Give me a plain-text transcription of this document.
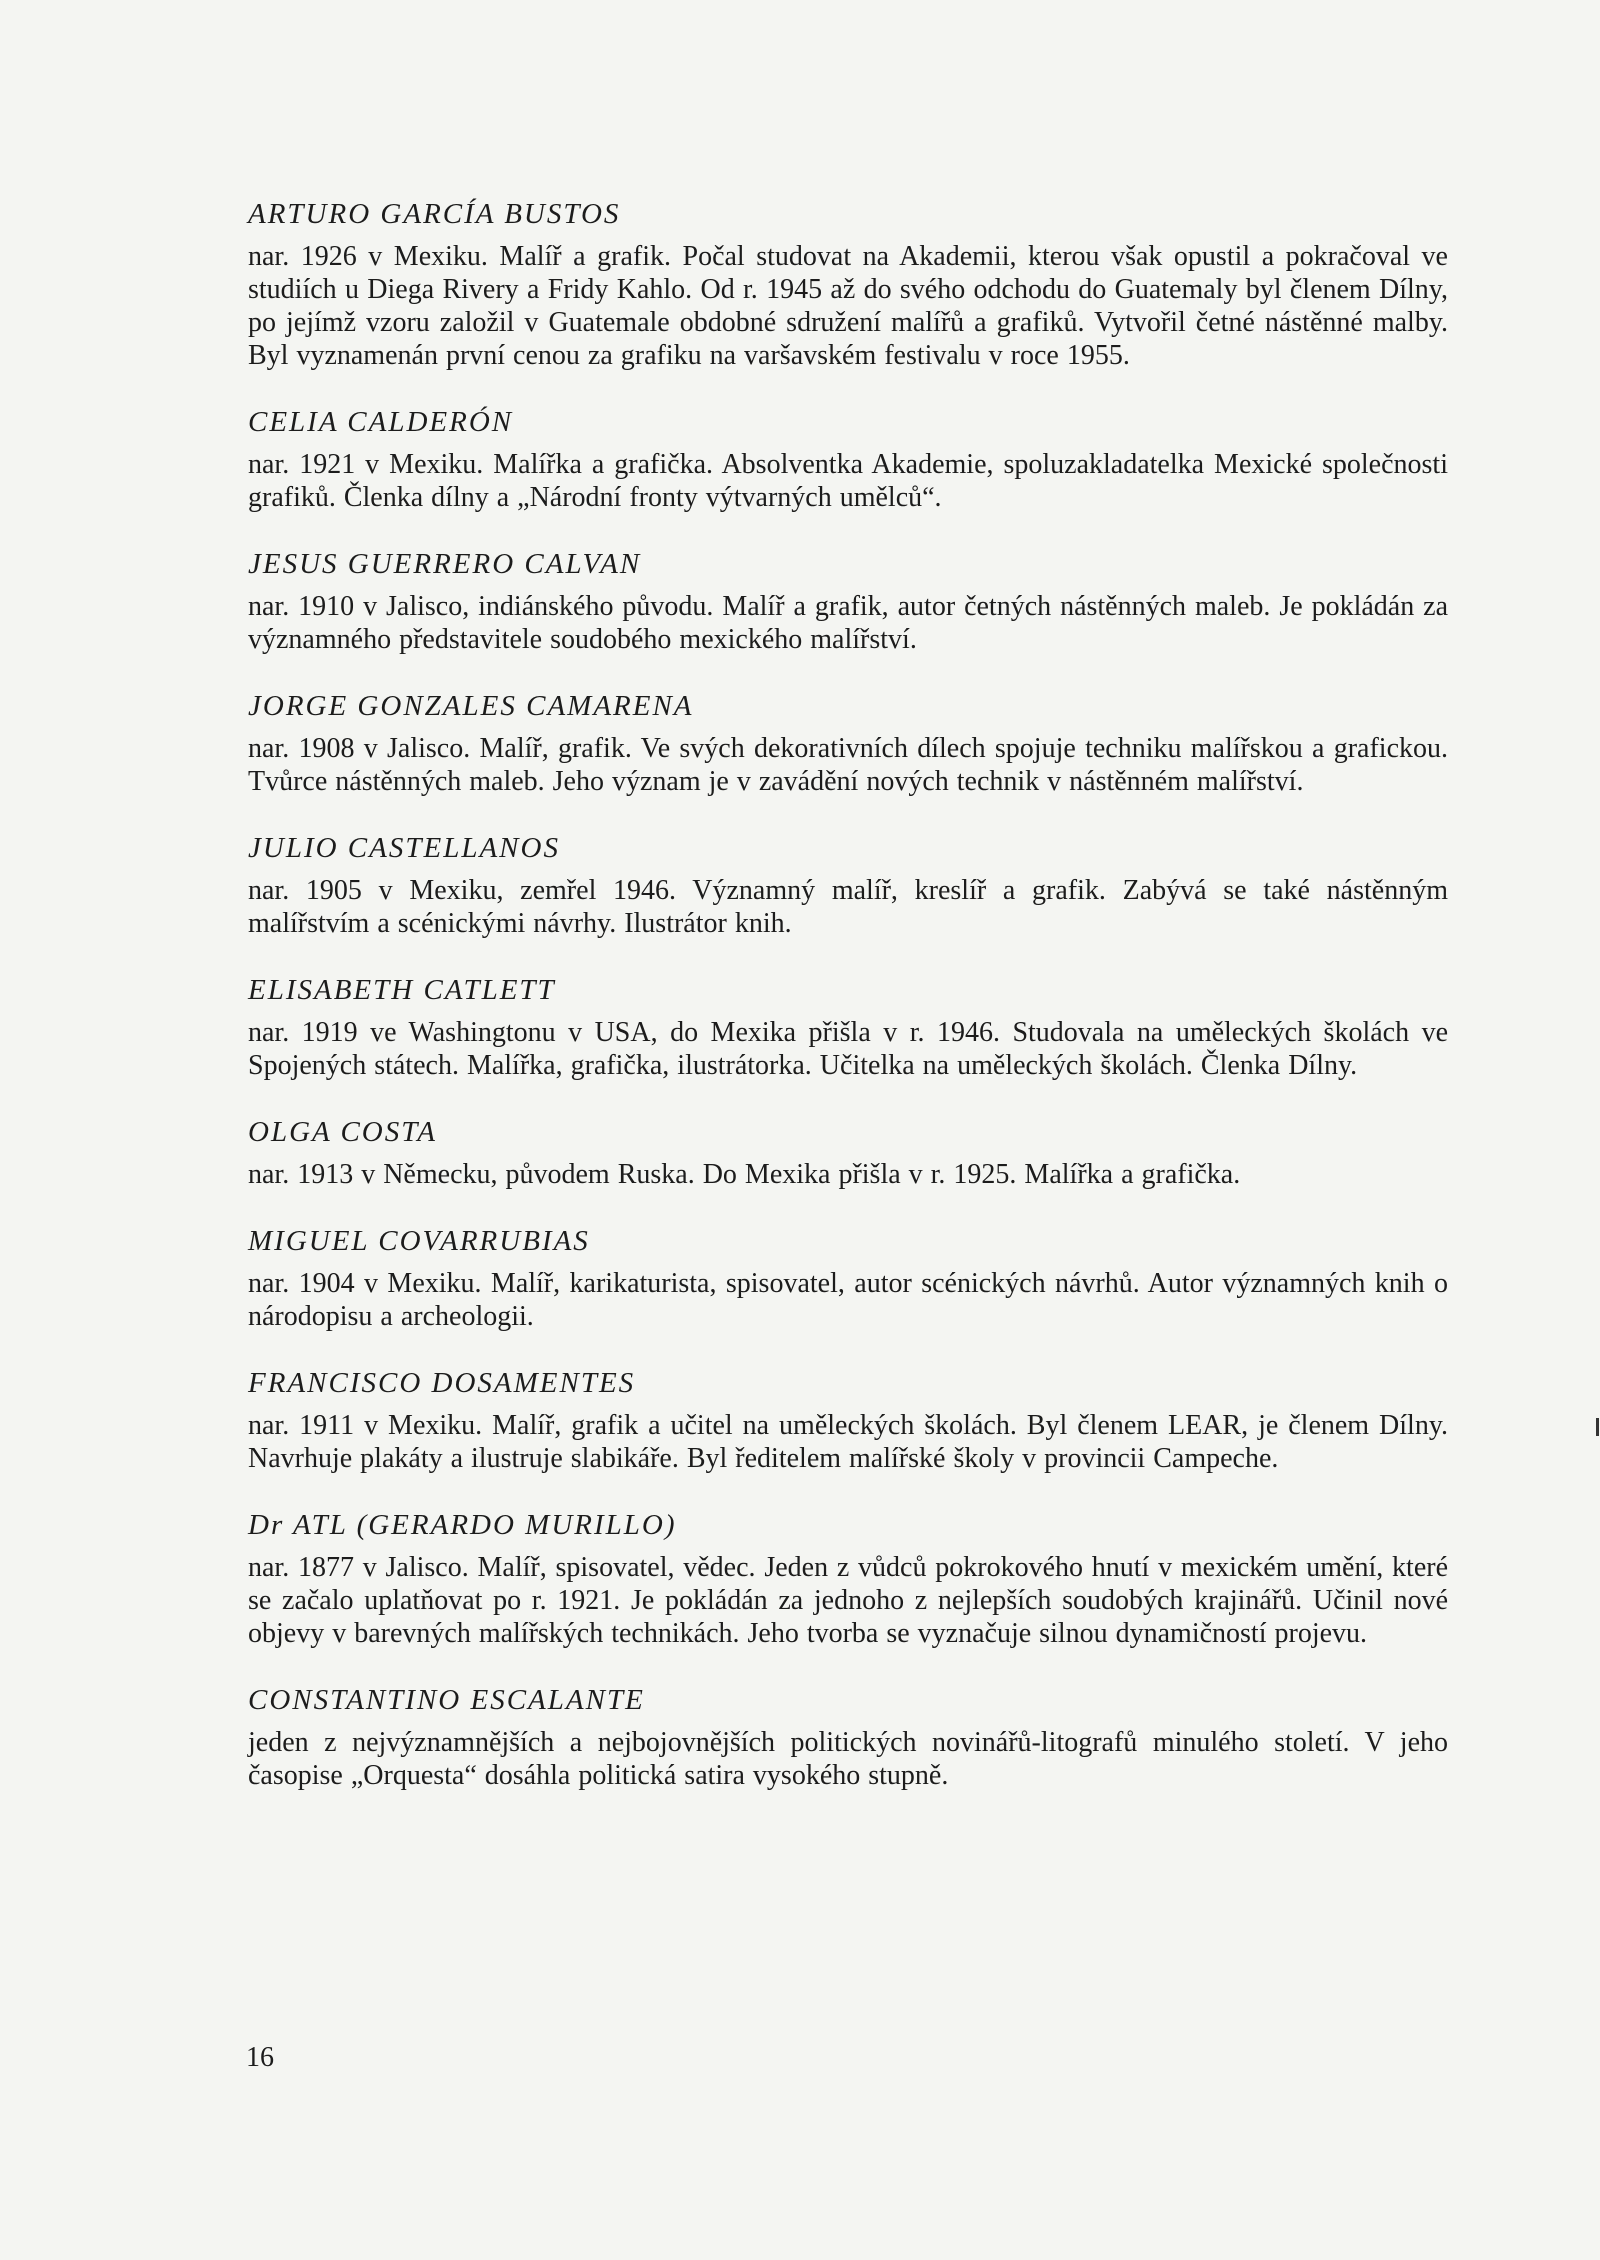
ARTURO GARCÍA BUSTOS

nar. 1926 v Mexiku. Malíř a grafik. Počal studovat na Akademii, kterou však opustil a pokračoval ve studiích u Diega Rivery a Fridy Kahlo. Od r. 1945 až do svého odchodu do Guatemaly byl členem Dílny, po jejímž vzoru založil v Guatemale obdobné sdružení malířů a grafiků. Vytvořil četné nástěnné malby. Byl vyznamenán první cenou za grafiku na varšavském festivalu v roce 1955.

CELIA CALDERÓN

nar. 1921 v Mexiku. Malířka a grafička. Absolventka Akademie, spoluzakladatelka Mexické společnosti grafiků. Členka dílny a „Národní fronty výtvarných umělců“.

JESUS GUERRERO CALVAN

nar. 1910 v Jalisco, indiánského původu. Malíř a grafik, autor četných nástěnných maleb. Je pokládán za významného představitele soudobého mexického malířství.

JORGE GONZALES CAMARENA

nar. 1908 v Jalisco. Malíř, grafik. Ve svých dekorativních dílech spojuje techniku malířskou a grafickou. Tvůrce nástěnných maleb. Jeho význam je v zavádění nových technik v nástěnném malířství.

JULIO CASTELLANOS

nar. 1905 v Mexiku, zemřel 1946. Významný malíř, kreslíř a grafik. Zabývá se také nástěnným malířstvím a scénickými návrhy. Ilustrátor knih.

ELISABETH CATLETT

nar. 1919 ve Washingtonu v USA, do Mexika přišla v r. 1946. Studovala na uměleckých školách ve Spojených státech. Malířka, grafička, ilustrátorka. Učitelka na uměleckých školách. Členka Dílny.

OLGA COSTA

nar. 1913 v Německu, původem Ruska. Do Mexika přišla v r. 1925. Malířka a grafička.

MIGUEL COVARRUBIAS

nar. 1904 v Mexiku. Malíř, karikaturista, spisovatel, autor scénických návrhů. Autor významných knih o národopisu a archeologii.

FRANCISCO DOSAMENTES

nar. 1911 v Mexiku. Malíř, grafik a učitel na uměleckých školách. Byl členem LEAR, je členem Dílny. Navrhuje plakáty a ilustruje slabikáře. Byl ředitelem malířské školy v provincii Campeche.

Dr ATL (GERARDO MURILLO)

nar. 1877 v Jalisco. Malíř, spisovatel, vědec. Jeden z vůdců pokrokového hnutí v mexickém umění, které se začalo uplatňovat po r. 1921. Je pokládán za jednoho z nejlepších soudobých krajinářů. Učinil nové objevy v barevných malířských technikách. Jeho tvorba se vyznačuje silnou dynamičností projevu.

CONSTANTINO ESCALANTE

jeden z nejvýznamnějších a nejbojovnějších politických novinářů-litografů minulého století. V jeho časopise „Orquesta“ dosáhla politická satira vysokého stupně.

16
